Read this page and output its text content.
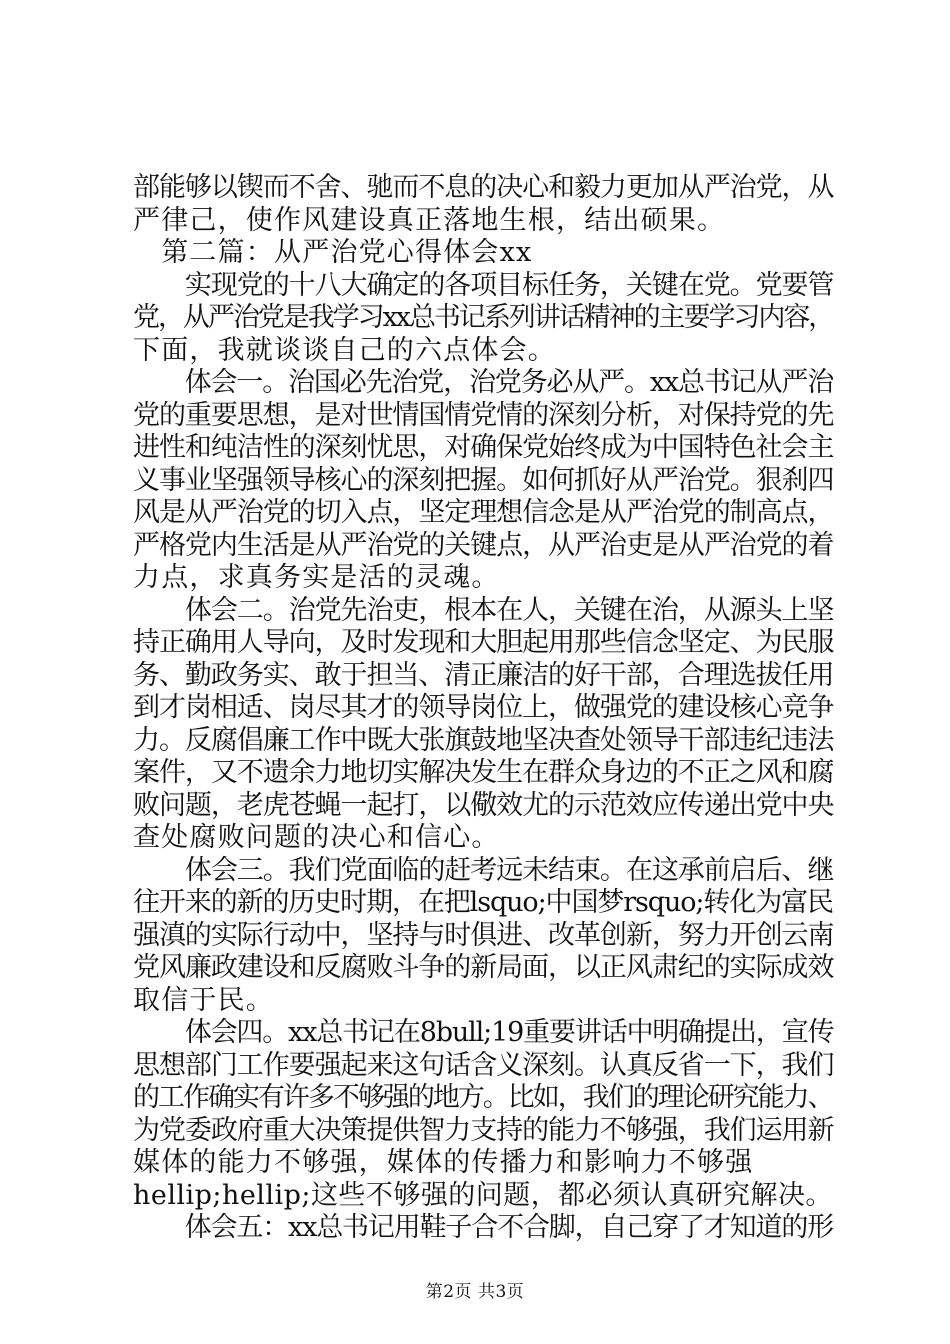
部能够以锲而不舍、驰而不息的决心和毅力更加从严治党，从
严律己，使作风建设真正落地生根，结出硕果。
　第二篇：从严治党心得体会xx
　　实现党的十八大确定的各项目标任务，关键在党。党要管
党，从严治党是我学习xx总书记系列讲话精神的主要学习内容，
下面，我就谈谈自己的六点体会。
　　体会一。治国必先治党，治党务必从严。xx总书记从严治
党的重要思想，是对世情国情党情的深刻分析，对保持党的先
进性和纯洁性的深刻忧思，对确保党始终成为中国特色社会主
义事业坚强领导核心的深刻把握。如何抓好从严治党。狠刹四
风是从严治党的切入点，坚定理想信念是从严治党的制高点，
严格党内生活是从严治党的关键点，从严治吏是从严治党的着
力点，求真务实是活的灵魂。
　　体会二。治党先治吏，根本在人，关键在治，从源头上坚
持正确用人导向，及时发现和大胆起用那些信念坚定、为民服
务、勤政务实、敢于担当、清正廉洁的好干部，合理选拔任用
到才岗相适、岗尽其才的领导岗位上，做强党的建设核心竞争
力。反腐倡廉工作中既大张旗鼓地坚决查处领导干部违纪违法
案件，又不遗余力地切实解决发生在群众身边的不正之风和腐
败问题，老虎苍蝇一起打，以儆效尤的示范效应传递出党中央
查处腐败问题的决心和信心。
　　体会三。我们党面临的赶考远未结束。在这承前启后、继
往开来的新的历史时期，在把lsquo;中国梦rsquo;转化为富民
强滇的实际行动中，坚持与时俱进、改革创新，努力开创云南
党风廉政建设和反腐败斗争的新局面，以正风肃纪的实际成效
取信于民。
　　体会四。xx总书记在8bull;19重要讲话中明确提出，宣传
思想部门工作要强起来这句话含义深刻。认真反省一下，我们
的工作确实有许多不够强的地方。比如，我们的理论研究能力、
为党委政府重大决策提供智力支持的能力不够强，我们运用新
媒体的能力不够强，媒体的传播力和影响力不够强
hellip;hellip;这些不够强的问题，都必须认真研究解决。
　　体会五：xx总书记用鞋子合不合脚，自己穿了才知道的形
第2页 共3页
